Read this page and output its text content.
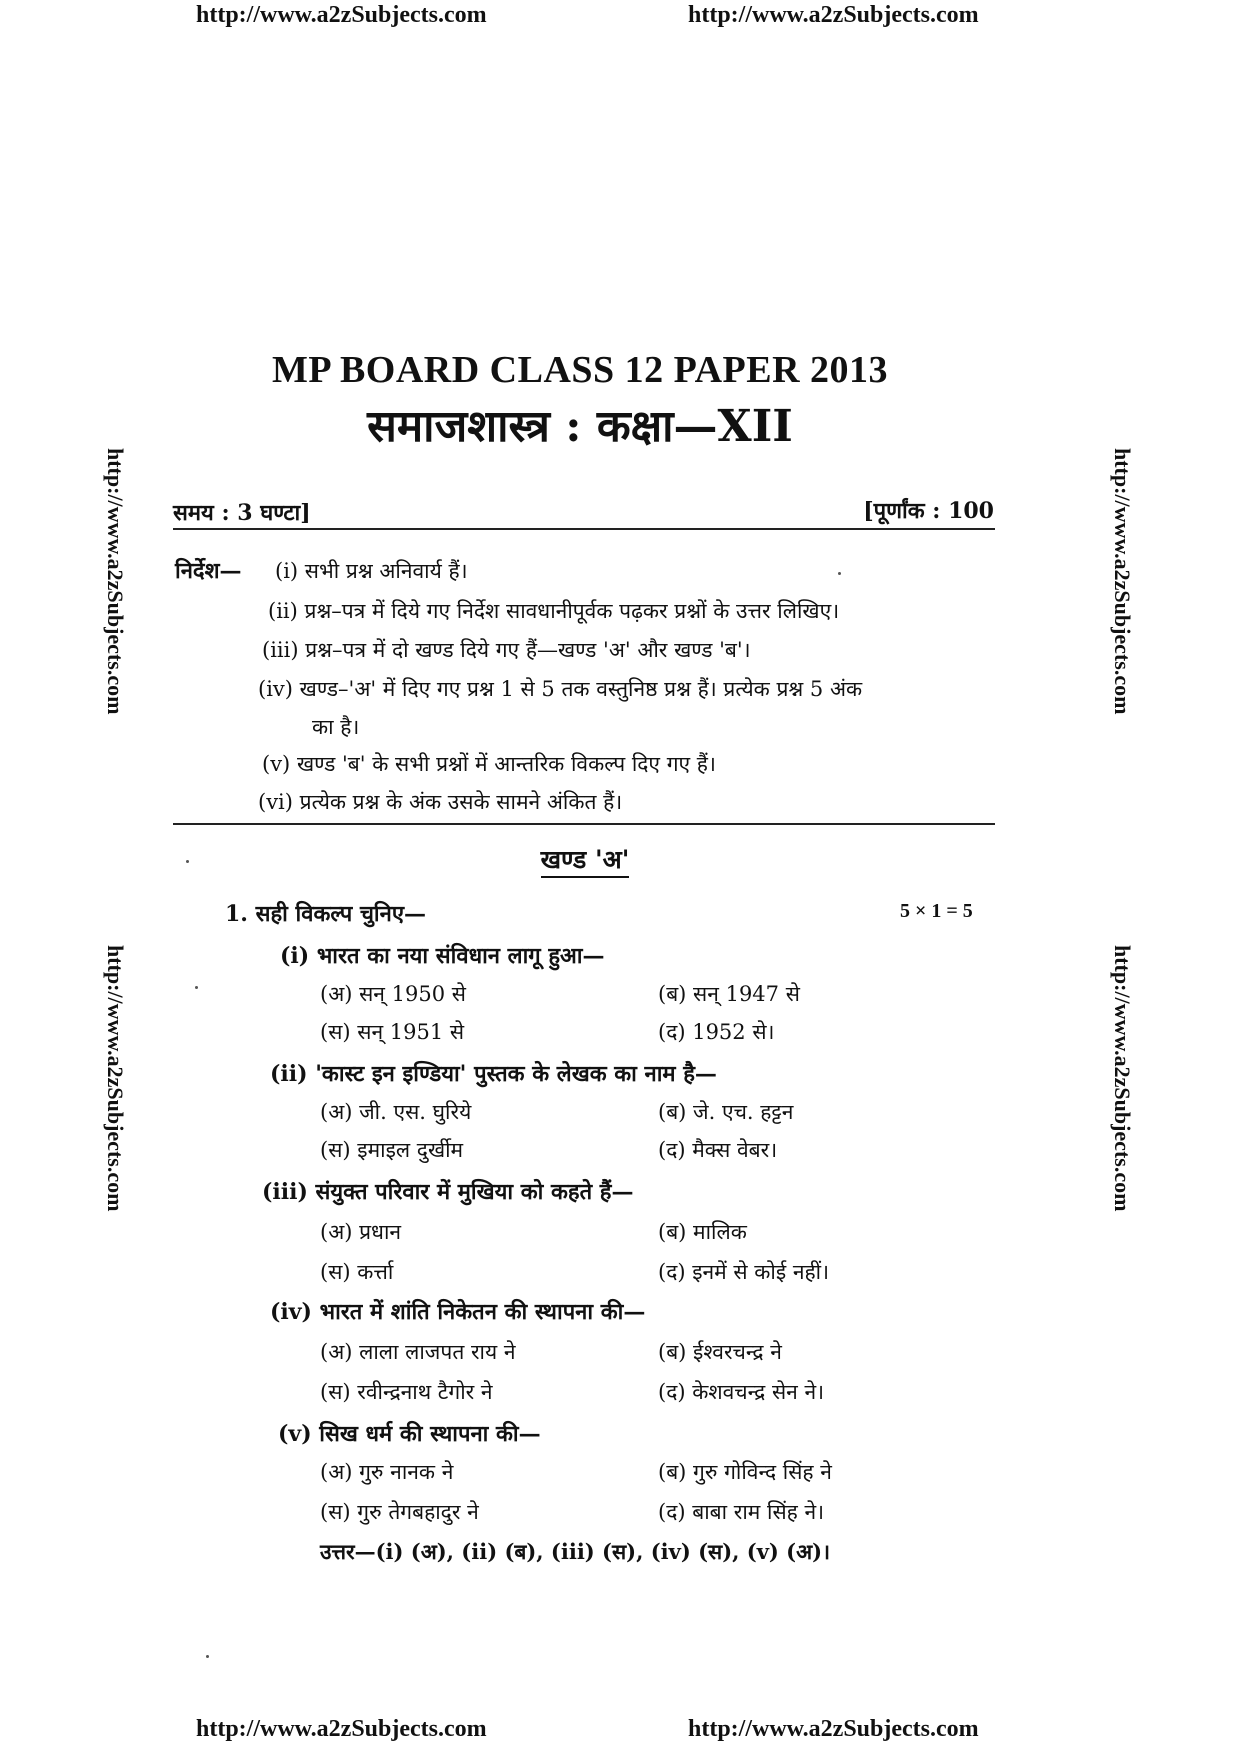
http://www.a2zSubjects.com	http://www.a2zSubjects.com
http://www.a2zSubjects.com	http://www.a2zSubjects.com
http://www.a2zSubjects.com
http://www.a2zSubjects.com
http://www.a2zSubjects.com
http://www.a2zSubjects.com
MP BOARD CLASS 12 PAPER 2013
समाजशास्त्र : कक्षा—XII
समय : 3 घण्टा]	[पूर्णांक : 100
निर्देश— (i) सभी प्रश्न अनिवार्य हैं।
(ii) प्रश्न–पत्र में दिये गए निर्देश सावधानीपूर्वक पढ़कर प्रश्नों के उत्तर लिखिए।
(iii) प्रश्न–पत्र में दो खण्ड दिये गए हैं—खण्ड 'अ' और खण्ड 'ब'।
(iv) खण्ड–'अ' में दिए गए प्रश्न 1 से 5 तक वस्तुनिष्ठ प्रश्न हैं। प्रत्येक प्रश्न 5 अंक
का है।
(v) खण्ड 'ब' के सभी प्रश्नों में आन्तरिक विकल्प दिए गए हैं।
(vi) प्रत्येक प्रश्न के अंक उसके सामने अंकित हैं।
खण्ड 'अ'
1. सही विकल्प चुनिए—	5 × 1 = 5
(i) भारत का नया संविधान लागू हुआ—
(अ) सन् 1950 से	(ब) सन् 1947 से
(स) सन् 1951 से	(द) 1952 से।
(ii) 'कास्ट इन इण्डिया' पुस्तक के लेखक का नाम है—
(अ) जी. एस. घुरिये	(ब) जे. एच. हट्टन
(स) इमाइल दुर्खीम	(द) मैक्स वेबर।
(iii) संयुक्त परिवार में मुखिया को कहते हैं—
(अ) प्रधान	(ब) मालिक
(स) कर्त्ता	(द) इनमें से कोई नहीं।
(iv) भारत में शांति निकेतन की स्थापना की—
(अ) लाला लाजपत राय ने	(ब) ईश्वरचन्द्र ने
(स) रवीन्द्रनाथ टैगोर ने	(द) केशवचन्द्र सेन ने।
(v) सिख धर्म की स्थापना की—
(अ) गुरु नानक ने	(ब) गुरु गोविन्द सिंह ने
(स) गुरु तेगबहादुर ने	(द) बाबा राम सिंह ने।
उत्तर—(i) (अ), (ii) (ब), (iii) (स), (iv) (स), (v) (अ)।
